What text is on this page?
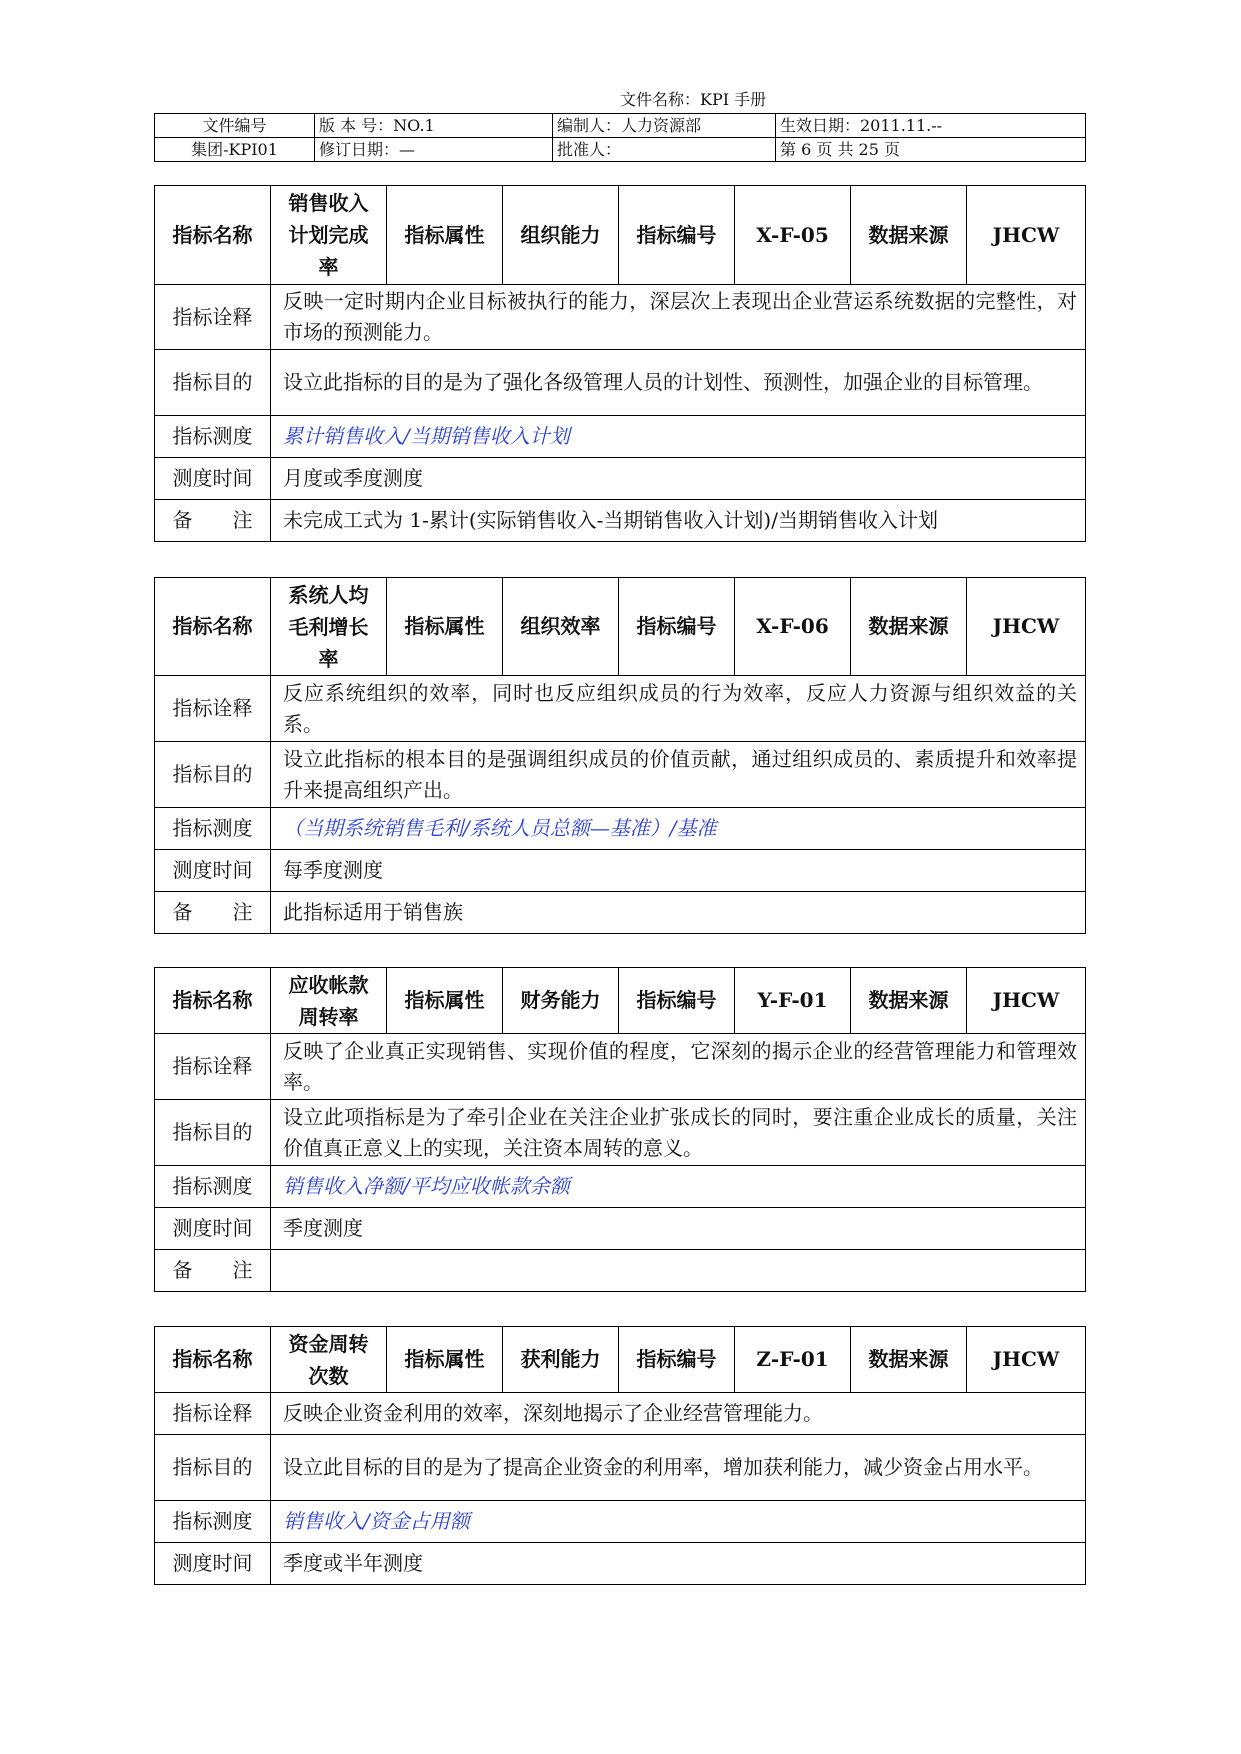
文件名称：KPI 手册
文件编号	版 本 号：NO.1	编制人：人力资源部	生效日期：2011.11.--
集团-KPI01	修订日期：—	批准人：	第 6 页 共 25 页
指标名称	销售收入计划完成率	指标属性	组织能力	指标编号	X-F-05	数据来源	JHCW
指标诠释	反映一定时期内企业目标被执行的能力，深层次上表现出企业营运系统数据的完整性，对市场的预测能力。						
指标目的	设立此指标的目的是为了强化各级管理人员的计划性、预测性，加强企业的目标管理。						
指标测度	累计销售收入/当期销售收入计划						
测度时间	月度或季度测度						
备　　注	未完成工式为 1-累计(实际销售收入-当期销售收入计划)/当期销售收入计划						
指标名称	系统人均毛利增长率	指标属性	组织效率	指标编号	X-F-06	数据来源	JHCW
指标诠释	反应系统组织的效率，同时也反应组织成员的行为效率，反应人力资源与组织效益的关系。						
指标目的	设立此指标的根本目的是强调组织成员的价值贡献，通过组织成员的、素质提升和效率提升来提高组织产出。						
指标测度	（当期系统销售毛利/系统人员总额—基准）/基准						
测度时间	每季度测度						
备　　注	此指标适用于销售族						
指标名称	应收帐款周转率	指标属性	财务能力	指标编号	Y-F-01	数据来源	JHCW
指标诠释	反映了企业真正实现销售、实现价值的程度，它深刻的揭示企业的经营管理能力和管理效率。						
指标目的	设立此项指标是为了牵引企业在关注企业扩张成长的同时，要注重企业成长的质量，关注价值真正意义上的实现，关注资本周转的意义。						
指标测度	销售收入净额/平均应收帐款余额						
测度时间	季度测度						
备　　注							
指标名称	资金周转次数	指标属性	获利能力	指标编号	Z-F-01	数据来源	JHCW
指标诠释	反映企业资金利用的效率，深刻地揭示了企业经营管理能力。						
指标目的	设立此目标的目的是为了提高企业资金的利用率，增加获利能力，减少资金占用水平。						
指标测度	销售收入/资金占用额						
测度时间	季度或半年测度						
